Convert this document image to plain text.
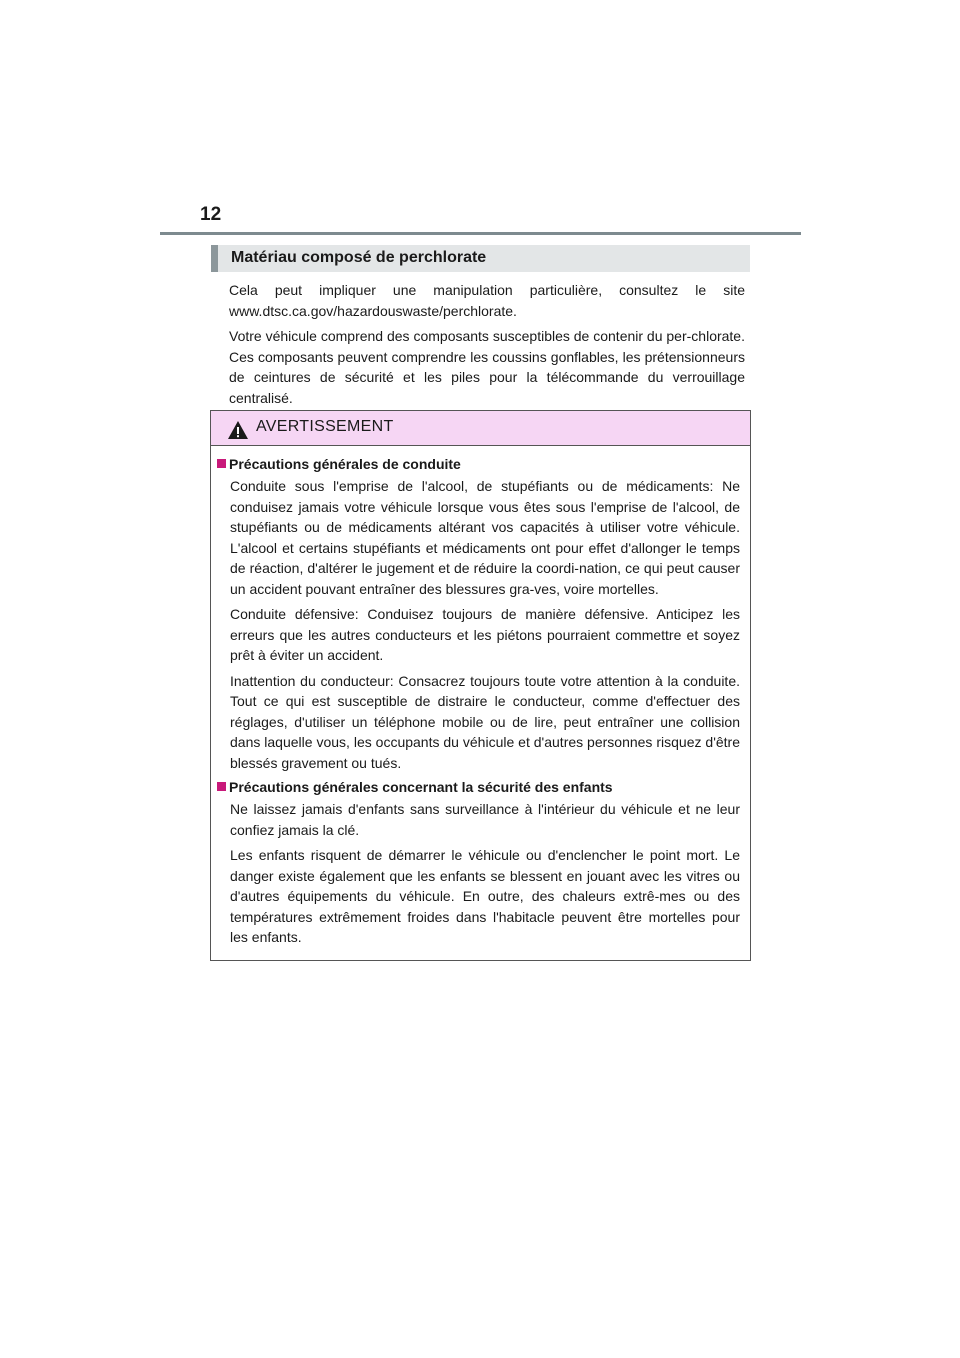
12
Matériau composé de perchlorate

Cela peut impliquer une manipulation particulière, consultez le site www.dtsc.ca.gov/hazardouswaste/perchlorate.

Votre véhicule comprend des composants susceptibles de contenir du per-chlorate. Ces composants peuvent comprendre les coussins gonflables, les prétensionneurs de ceintures de sécurité et les piles pour la télécommande du verrouillage centralisé.

AVERTISSEMENT
Précautions générales de conduite

Conduite sous l'emprise de l'alcool, de stupéfiants ou de médicaments: Ne conduisez jamais votre véhicule lorsque vous êtes sous l'emprise de l'alcool, de stupéfiants ou de médicaments altérant vos capacités à utiliser votre véhicule. L'alcool et certains stupéfiants et médicaments ont pour effet d'allonger le temps de réaction, d'altérer le jugement et de réduire la coordi-nation, ce qui peut causer un accident pouvant entraîner des blessures gra-ves, voire mortelles.

Conduite défensive: Conduisez toujours de manière défensive. Anticipez les erreurs que les autres conducteurs et les piétons pourraient commettre et soyez prêt à éviter un accident.

Inattention du conducteur: Consacrez toujours toute votre attention à la conduite. Tout ce qui est susceptible de distraire le conducteur, comme d'effectuer des réglages, d'utiliser un téléphone mobile ou de lire, peut entraîner une collision dans laquelle vous, les occupants du véhicule et d'autres personnes risquez d'être blessés gravement ou tués.

Précautions générales concernant la sécurité des enfants

Ne laissez jamais d'enfants sans surveillance à l'intérieur du véhicule et ne leur confiez jamais la clé.

Les enfants risquent de démarrer le véhicule ou d'enclencher le point mort. Le danger existe également que les enfants se blessent en jouant avec les vitres ou d'autres équipements du véhicule. En outre, des chaleurs extrê-mes ou des températures extrêmement froides dans l'habitacle peuvent être mortelles pour les enfants.
